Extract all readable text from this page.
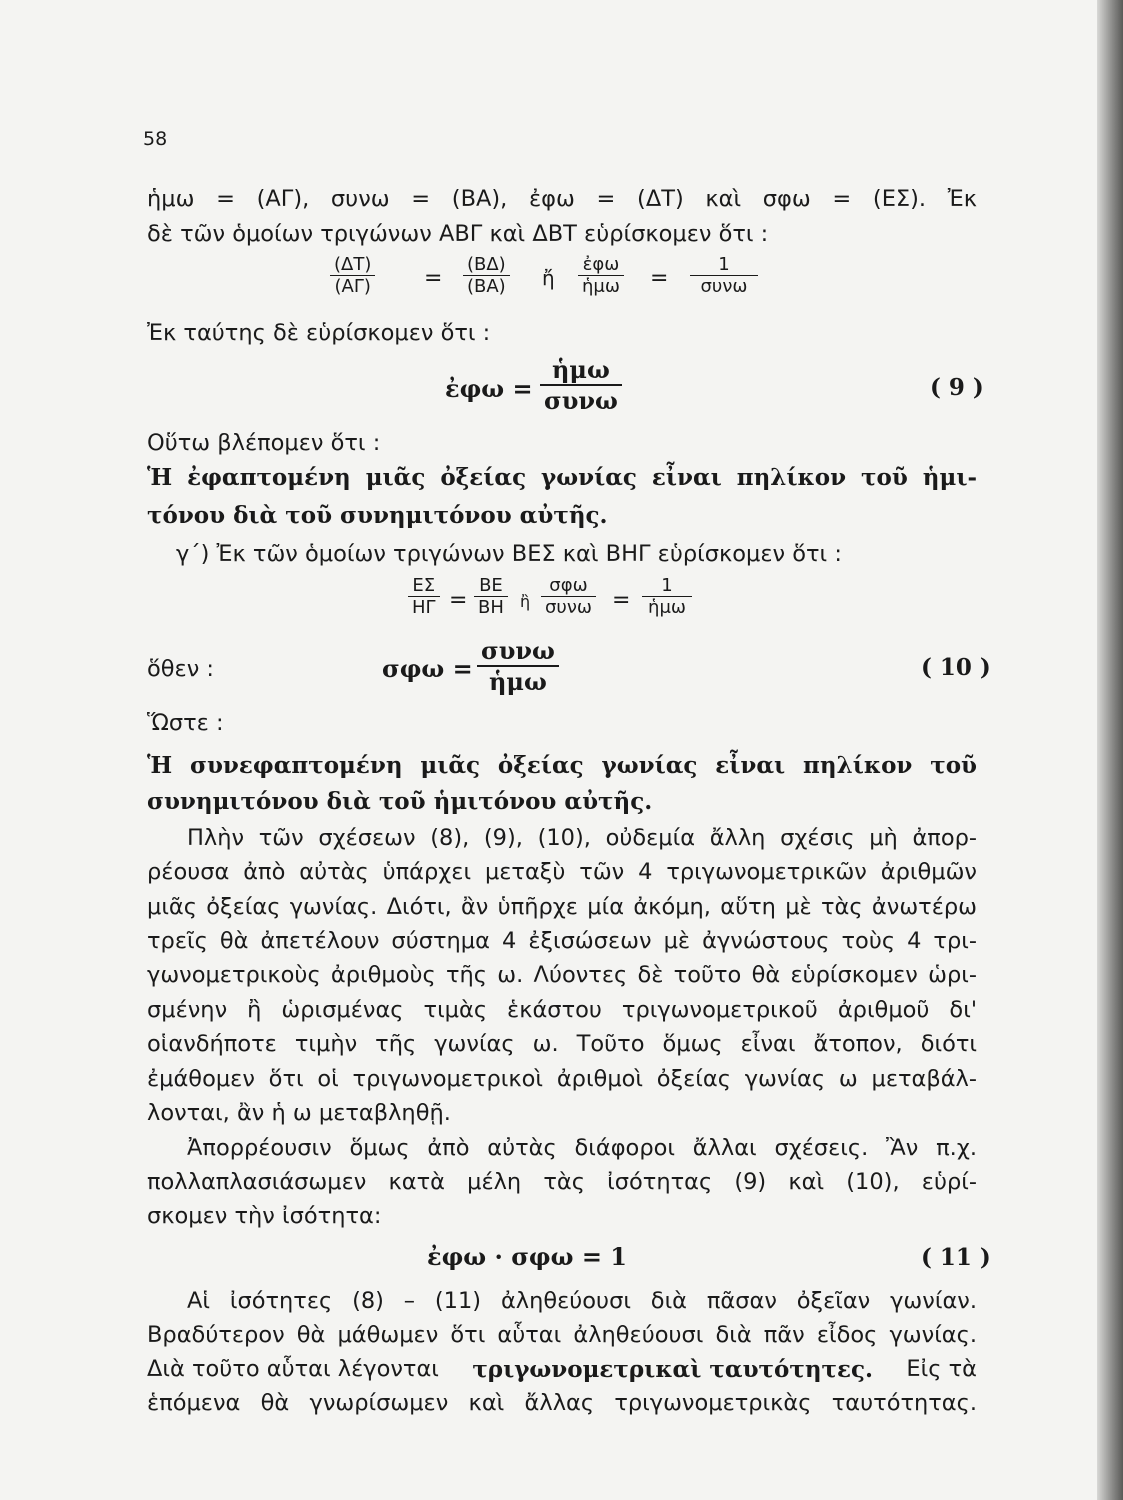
58
ἡμω = (ΑΓ), συνω = (ΒΑ), ἐφω = (ΔΤ) καὶ σφω = (ΕΣ). Ἐκ
δὲ τῶν ὁμοίων τριγώνων ΑΒΓ καὶ ΔΒΤ εὑρίσκομεν ὅτι :
$\frac{(\Delta T)}{(A\Gamma)} = \frac{(B\Delta)}{(BA)}$ ἤ
ἐφω
ἡμω =
1
συνω
Ἐκ ταύτης δὲ εὑρίσκομεν ὅτι :
ἐφω =
ἡμω
συνω	( 9 )
Οὕτω βλέπομεν ὅτι :
Ἡ ἐφαπτομένη μιᾶς ὀξείας γωνίας εἶναι πηλίκον τοῦ ἡμι-
τόνου διὰ τοῦ συνημιτόνου αὐτῆς.
γ΄) Ἐκ τῶν ὁμοίων τριγώνων ΒΕΣ καὶ ΒΗΓ εὑρίσκομεν ὅτι :
$\frac{E\Sigma}{H\Gamma} = \frac{BE}{BH}$ ἢ
σφω
συνω =
1
ἡμω
ὅθεν :	σφω =
συνω
ἡμω	( 10 )
Ὥστε :
Ἡ συνεφαπτομένη μιᾶς ὀξείας γωνίας εἶναι πηλίκον τοῦ
συνημιτόνου διὰ τοῦ ἡμιτόνου αὐτῆς.
Πλὴν τῶν σχέσεων (8), (9), (10), οὐδεμία ἄλλη σχέσις μὴ ἀπορ-
ρέουσα ἀπὸ αὐτὰς ὑπάρχει μεταξὺ τῶν 4 τριγωνομετρικῶν ἀριθμῶν
μιᾶς ὀξείας γωνίας. Διότι, ἂν ὑπῆρχε μία ἀκόμη, αὕτη μὲ τὰς ἀνωτέρω
τρεῖς θὰ ἀπετέλουν σύστημα 4 ἐξισώσεων μὲ ἀγνώστους τοὺς 4 τρι-
γωνομετρικοὺς ἀριθμοὺς τῆς ω. Λύοντες δὲ τοῦτο θὰ εὑρίσκομεν ὡρι-
σμένην ἢ ὡρισμένας τιμὰς ἑκάστου τριγωνομετρικοῦ ἀριθμοῦ δι'
οἱανδήποτε τιμὴν τῆς γωνίας ω. Τοῦτο ὅμως εἶναι ἄτοπον, διότι
ἐμάθομεν ὅτι οἱ τριγωνομετρικοὶ ἀριθμοὶ ὀξείας γωνίας ω μεταβάλ-
λονται, ἂν ἡ ω μεταβληθῇ.
Ἀπορρέουσιν ὅμως ἀπὸ αὐτὰς διάφοροι ἄλλαι σχέσεις. Ἂν π.χ.
πολλαπλασιάσωμεν κατὰ μέλη τὰς ἰσότητας (9) καὶ (10), εὑρί-
σκομεν τὴν ἰσότητα:
ἐφω · σφω = 1	( 11 )
Αἱ ἰσότητες (8) – (11) ἀληθεύουσι διὰ πᾶσαν ὀξεῖαν γωνίαν.
Βραδύτερον θὰ μάθωμεν ὅτι αὗται ἀληθεύουσι διὰ πᾶν εἶδος γωνίας.
Διὰ τοῦτο αὗται λέγονται τριγωνομετρικαὶ ταυτότητες. Εἰς τὰ
ἑπόμενα θὰ γνωρίσωμεν καὶ ἄλλας τριγωνομετρικὰς ταυτότητας.
